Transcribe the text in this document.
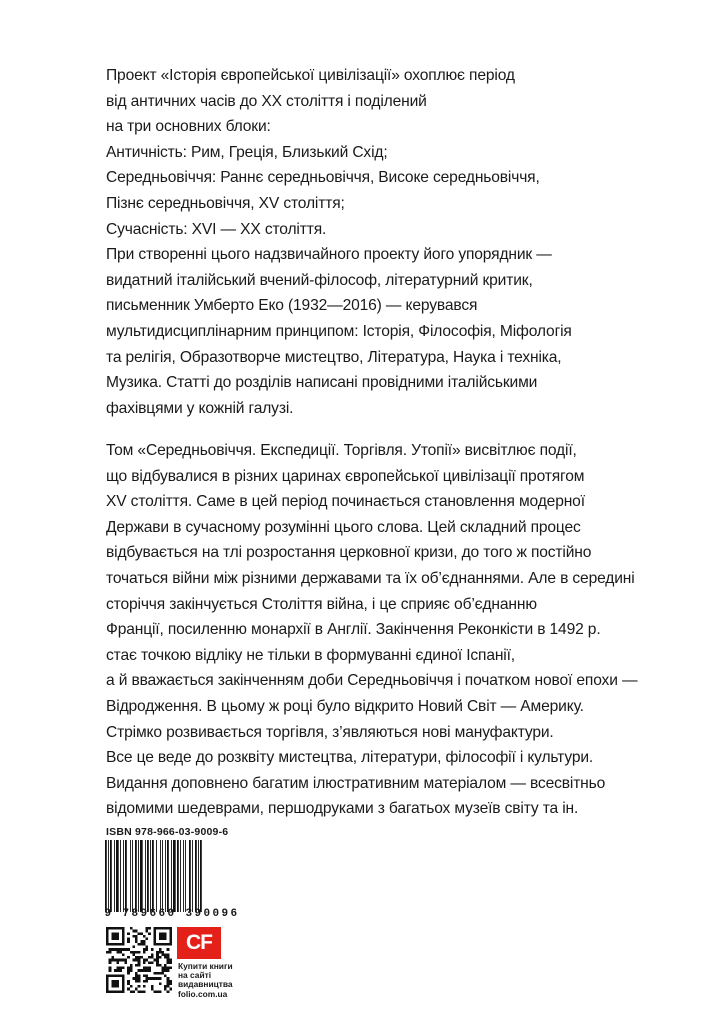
Проект «Історія європейської цивілізації» охоплює період
від античних часів до XX століття і поділений
на три основних блоки:
Античність: Рим, Греція, Близький Схід;
Середньовіччя: Раннє середньовіччя, Високе середньовіччя,
Пізнє середньовіччя, XV століття;
Сучасність: XVI — XX століття.
При створенні цього надзвичайного проекту його упорядник —
видатний італійський вчений-філософ, літературний критик,
письменник Умберто Еко (1932—2016) — керувався
мультидисциплінарним принципом: Історія, Філософія, Міфологія
та релігія, Образотворче мистецтво, Література, Наука і техніка,
Музика. Статті до розділів написані провідними італійськими
фахівцями у кожній галузі.
Том «Середньовіччя. Експедиції. Торгівля. Утопії» висвітлює події,
що відбувалися в різних царинах європейської цивілізації протягом
XV століття. Саме в цей період починається становлення модерної
Держави в сучасному розумінні цього слова. Цей складний процес
відбувається на тлі розростання церковної кризи, до того ж постійно
точаться війни між різними державами та їх об’єднаннями. Але в середині
сторіччя закінчується Століття війна, і це сприяє об’єднанню
Франції, посиленню монархії в Англії. Закінчення Реконкісти в 1492 р.
стає точкою відліку не тільки в формуванні єдиної Іспанії,
а й вважається закінченням доби Середньовіччя і початком нової епохи —
Відродження. В цьому ж році було відкрито Новий Світ — Америку.
Стрімко розвивається торгівля, з’являються нові мануфактури.
Все це веде до розквіту мистецтва, літератури, філософії і культури.
Видання доповнено багатим ілюстративним матеріалом — всесвітньо
відомими шедеврами, першодруками з багатьох музеїв світу та ін.
ISBN 978-966-03-9009-6
9 789660 390096
CF
Купити книги
на сайті
видавництва
folio.com.ua
